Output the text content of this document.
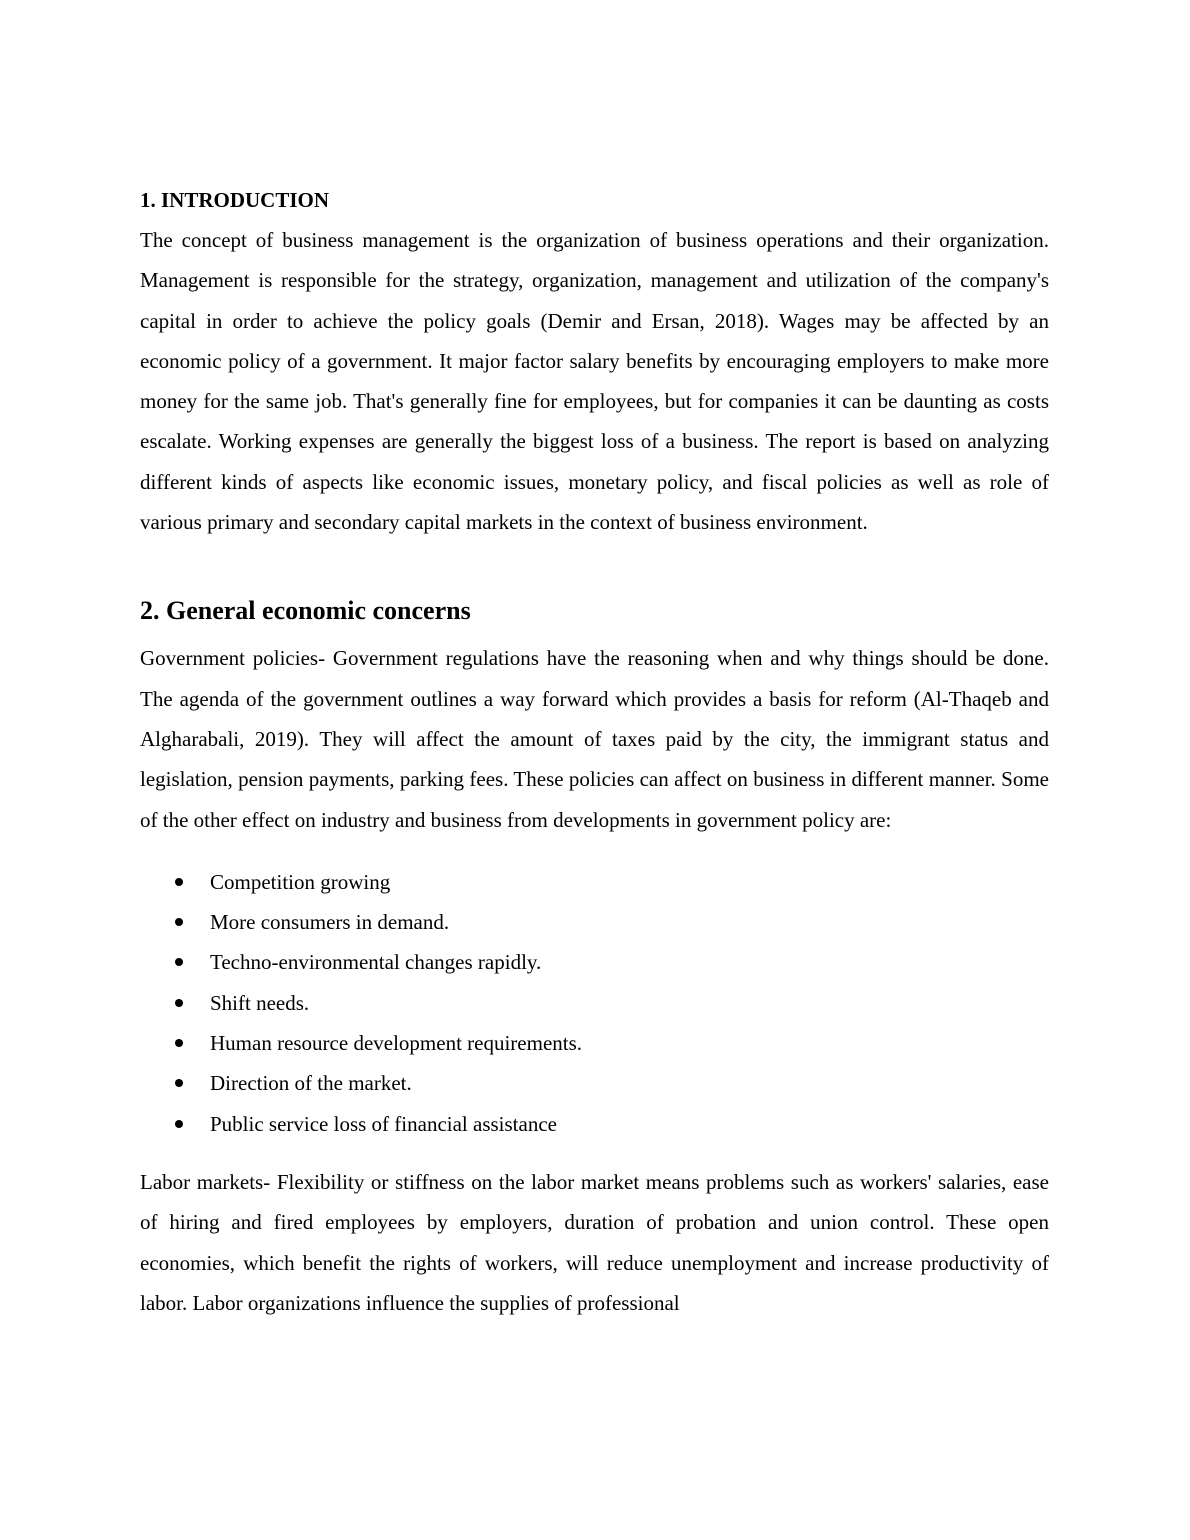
1. INTRODUCTION

The concept of business management is the organization of business operations and their organization. Management is responsible for the strategy, organization, management and utilization of the company's capital in order to achieve the policy goals (Demir and Ersan, 2018). Wages may be affected by an economic policy of a government. It major factor salary benefits by encouraging employers to make more money for the same job. That's generally fine for employees, but for companies it can be daunting as costs escalate. Working expenses are generally the biggest loss of a business. The report is based on analyzing different kinds of aspects like economic issues, monetary policy, and fiscal policies as well as role of various primary and secondary capital markets in the context of business environment.

2. General economic concerns

Government policies- Government regulations have the reasoning when and why things should be done. The agenda of the government outlines a way forward which provides a basis for reform (Al-Thaqeb and Algharabali, 2019). They will affect the amount of taxes paid by the city, the immigrant status and legislation, pension payments, parking fees. These policies can affect on business in different manner. Some of the other effect on industry and business from developments in government policy are:

Competition growing
More consumers in demand.
Techno-environmental changes rapidly.
Shift needs.
Human resource development requirements.
Direction of the market.
Public service loss of financial assistance

Labor markets- Flexibility or stiffness on the labor market means problems such as workers' salaries, ease of hiring and fired employees by employers, duration of probation and union control. These open economies, which benefit the rights of workers, will reduce unemployment and increase productivity of labor. Labor organizations influence the supplies of professional
